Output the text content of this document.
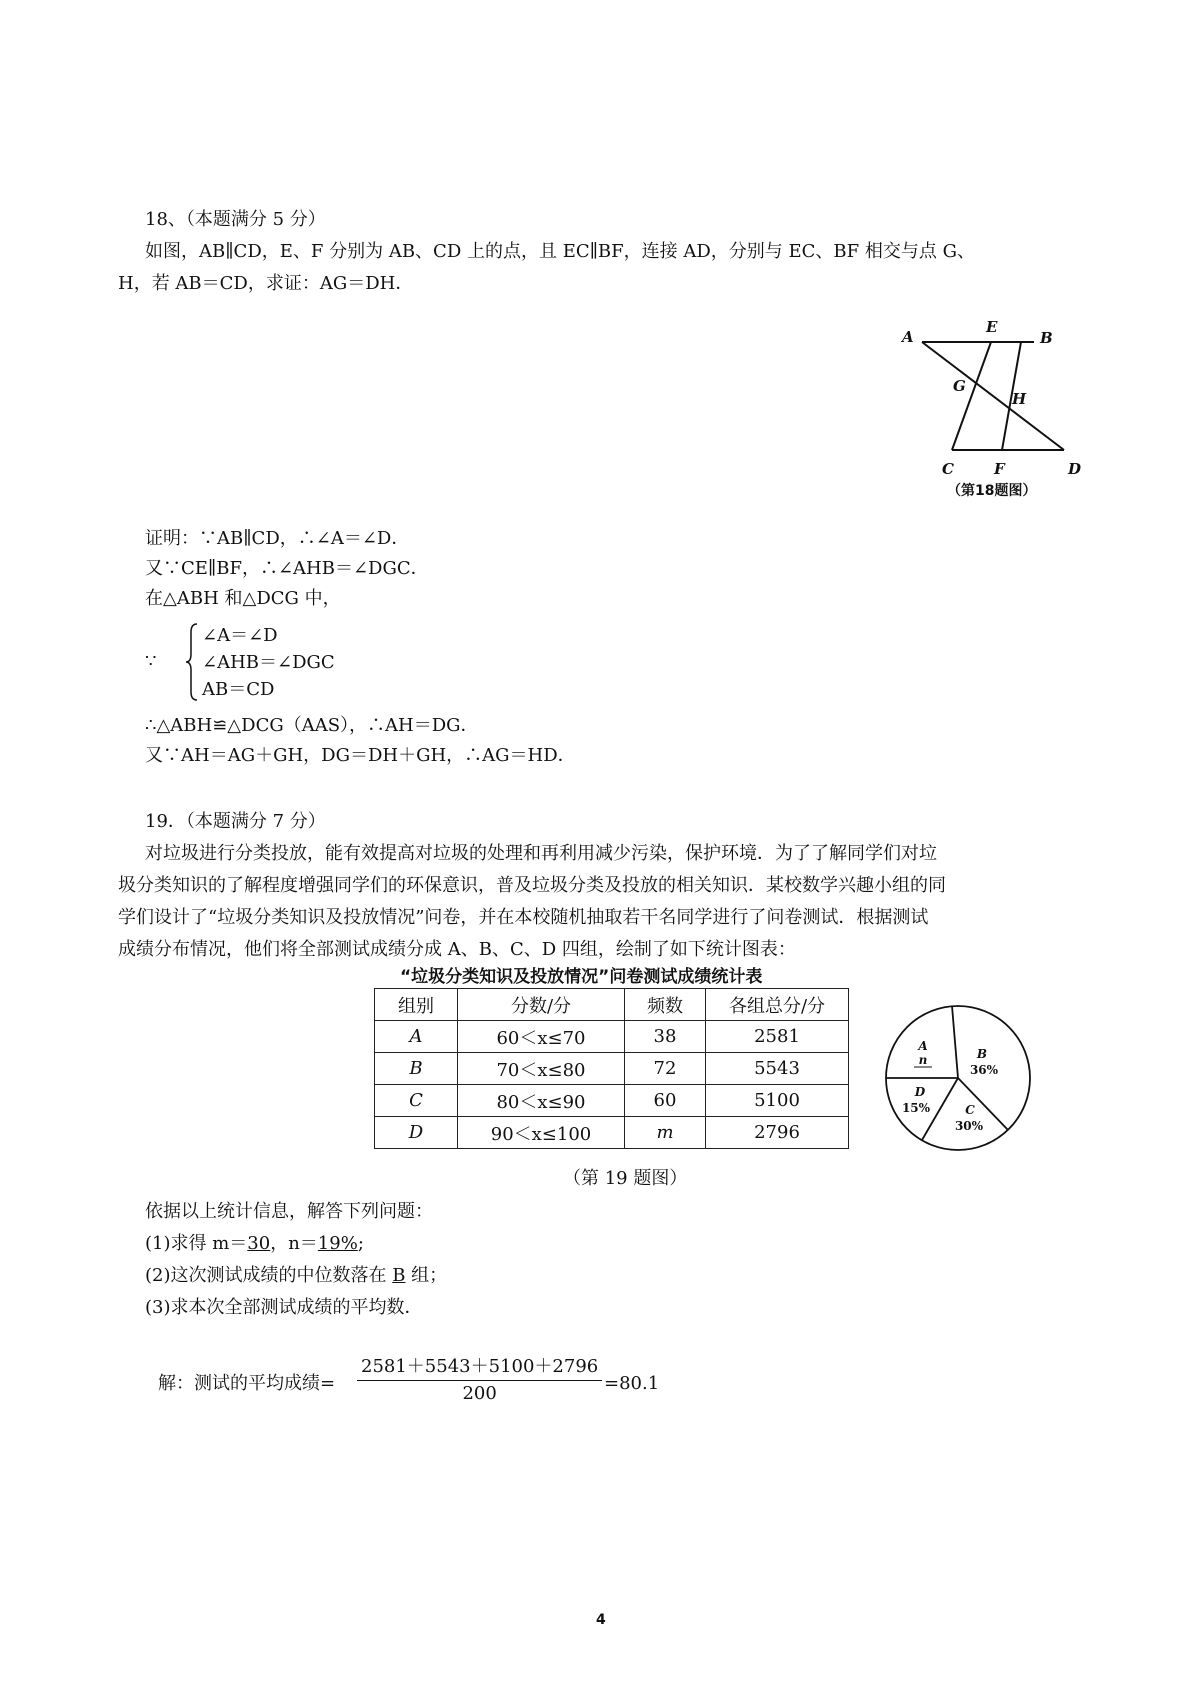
18、（本题满分 5 分）
如图，AB∥CD，E、F 分别为 AB、CD 上的点，且 EC∥BF，连接 AD，分别与 EC、BF 相交与点 G、
H，若 AB＝CD，求证：AG＝DH．
A
E
B
G
H
C	F	D
（第18题图）
证明：∵AB∥CD，∴∠A＝∠D．
又∵CE∥BF，∴∠AHB＝∠DGC．
在△ABH 和△DCG 中，
∵
∠A＝∠D
∠AHB＝∠DGC
AB＝CD
∴△ABH≌△DCG（AAS），∴AH＝DG．
又∵AH＝AG＋GH，DG＝DH＋GH，∴AG＝HD．
19．（本题满分 7 分）
对垃圾进行分类投放，能有效提高对垃圾的处理和再利用减少污染，保护环境．为了了解同学们对垃
圾分类知识的了解程度增强同学们的环保意识，普及垃圾分类及投放的相关知识．某校数学兴趣小组的同
学们设计了“垃圾分类知识及投放情况”问卷，并在本校随机抽取若干名同学进行了问卷测试．根据测试
成绩分布情况，他们将全部测试成绩分成 A、B、C、D 四组，绘制了如下统计图表：
“垃圾分类知识及投放情况”问卷测试成绩统计表
组别	分数/分	频数	各组总分/分
A	60＜x≤70	38	2581
B	70＜x≤80	72	5543
C	80＜x≤90	60	5100
D	90＜x≤100	m	2796
A
n	B
36%
C
30%
D
15%
（第 19 题图）
依据以上统计信息，解答下列问题：
(1)求得 m＝30，n＝19%;
(2)这次测试成绩的中位数落在 B 组；
(3)求本次全部测试成绩的平均数．
解：测试的平均成绩= $\frac{2581+5543+5100+2796}{200} =80.1$
4
